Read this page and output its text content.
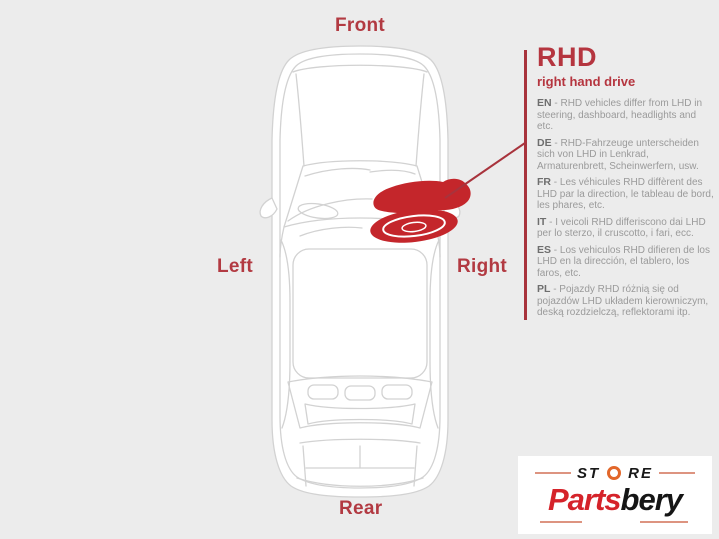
Front
Left	Right
Rear
RHD
right hand drive

EN - RHD vehicles differ from LHD in steering, dashboard, headlights and etc.

DE - RHD-Fahrzeuge unterscheiden sich von LHD in Lenkrad, Armaturenbrett, Scheinwerfern, usw.

FR - Les véhicules RHD diffèrent des LHD par la direction, le tableau de bord, les phares, etc.

IT - I veicoli RHD differiscono dai LHD per lo sterzo, il cruscotto, i fari, ecc.

ES - Los vehiculos RHD difieren de los LHD en la dirección, el tablero, los faros, etc.

PL - Pojazdy RHD różnią się od pojazdów LHD układem kierowniczym, deską rozdzielczą, reflektorami itp.

ST RE
Partsbery
